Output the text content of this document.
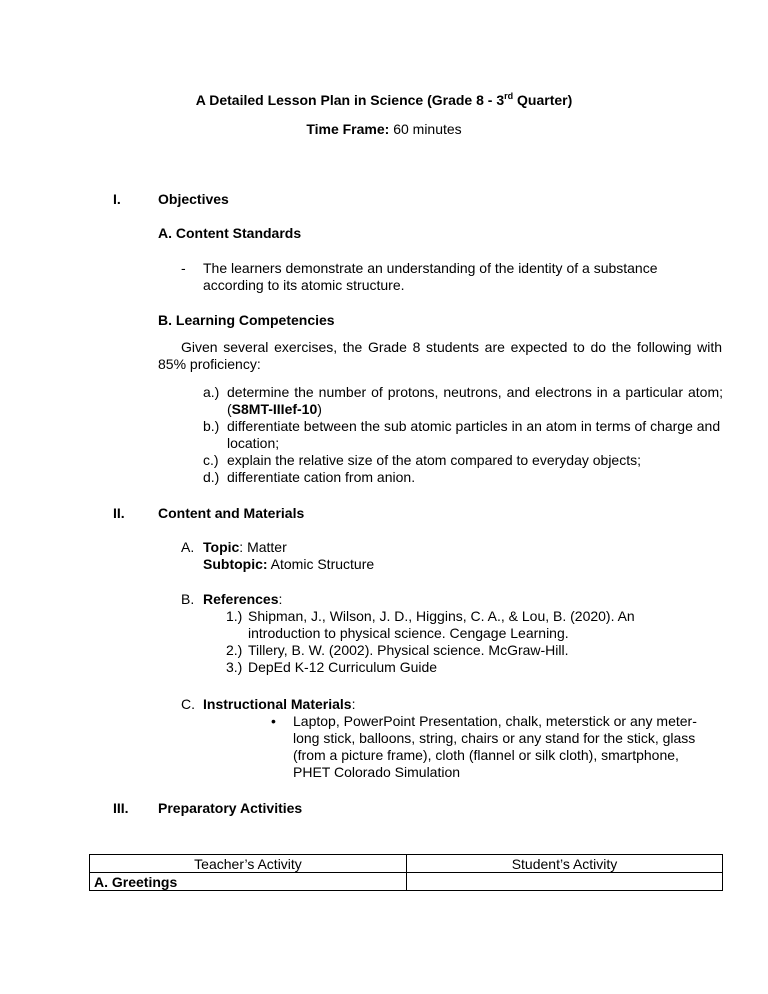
A Detailed Lesson Plan in Science (Grade 8 - 3rd Quarter)
Time Frame: 60 minutes
I.	Objectives
A. Content Standards
- The learners demonstrate an understanding of the identity of a substance according to its atomic structure.
B. Learning Competencies
Given several exercises, the Grade 8 students are expected to do the following with 85% proficiency:
a.) determine the number of protons, neutrons, and electrons in a particular atom; (S8MT-IIIef-10)
b.) differentiate between the sub atomic particles in an atom in terms of charge and location;
c.) explain the relative size of the atom compared to everyday objects;
d.) differentiate cation from anion.
II. Content and Materials
A. Topic: Matter
Subtopic: Atomic Structure
B. References:
1.) Shipman, J., Wilson, J. D., Higgins, C. A., & Lou, B. (2020). An introduction to physical science. Cengage Learning.
2.) Tillery, B. W. (2002). Physical science. McGraw-Hill.
3.) DepEd K-12 Curriculum Guide
C. Instructional Materials:
• Laptop, PowerPoint Presentation, chalk, meterstick or any meter-long stick, balloons, string, chairs or any stand for the stick, glass (from a picture frame), cloth (flannel or silk cloth), smartphone, PHET Colorado Simulation
III. Preparatory Activities
Teacher’s Activity	Student’s Activity
A. Greetings	
